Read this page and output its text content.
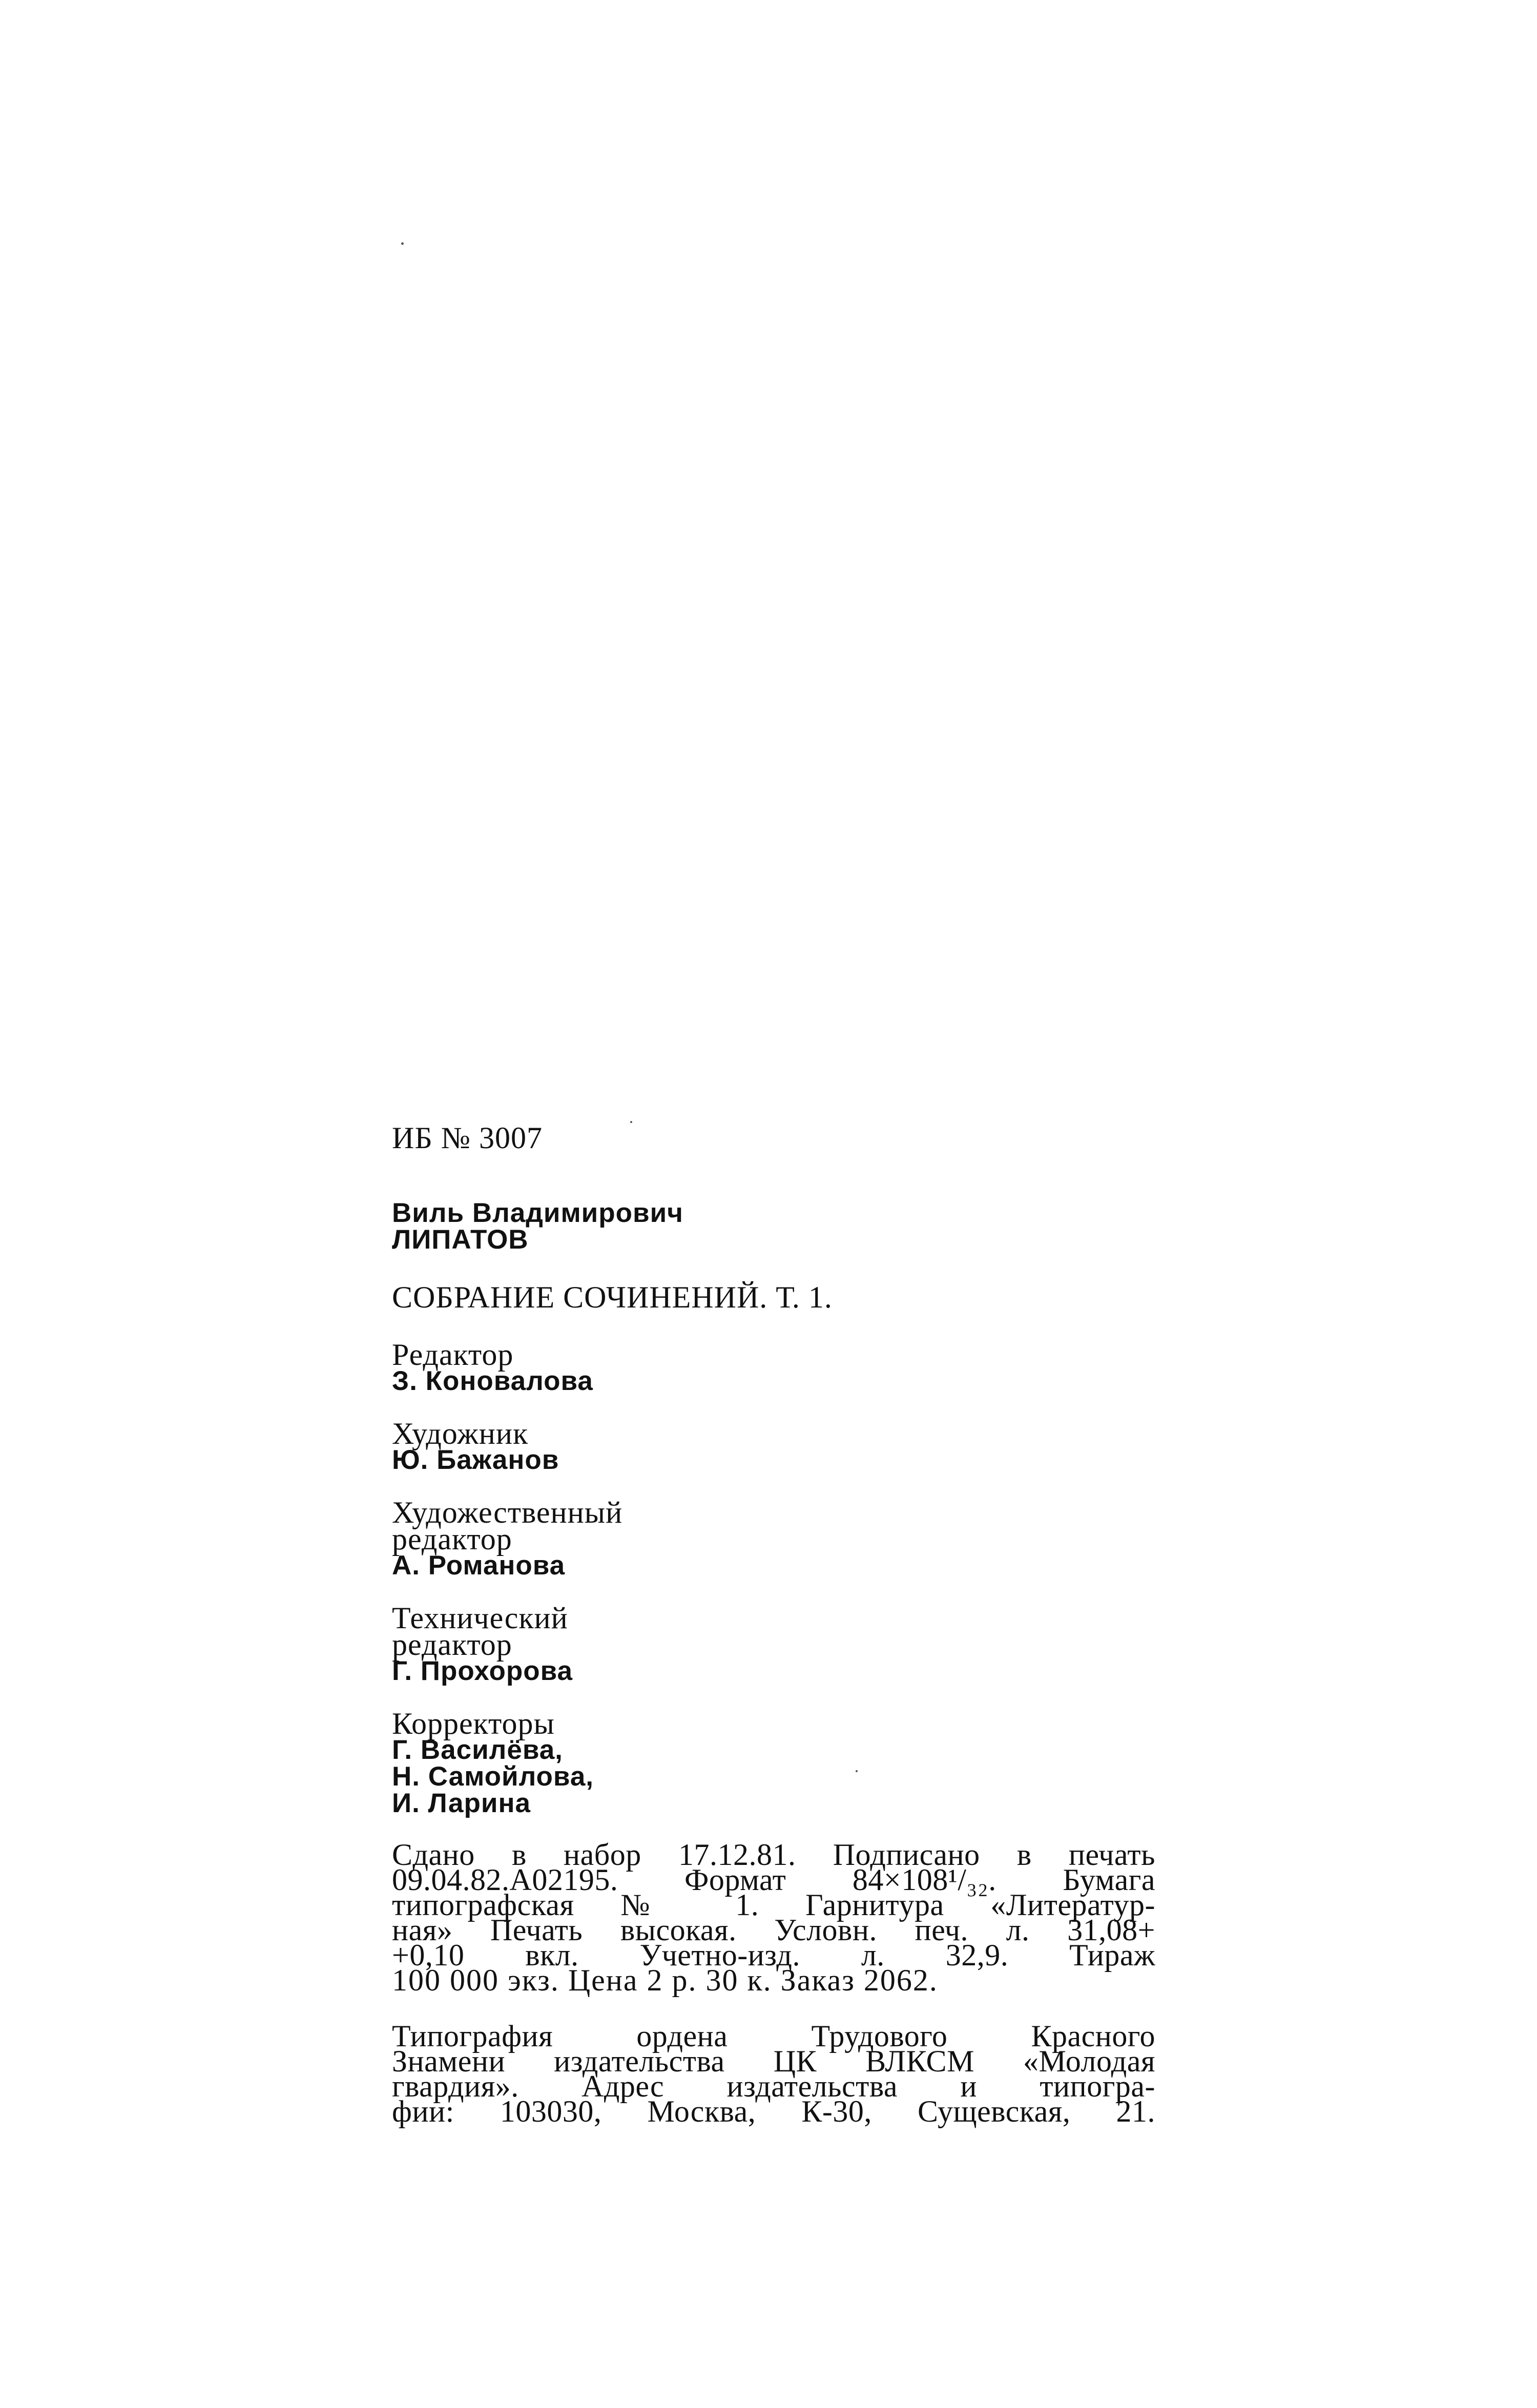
ИБ № 3007
Виль Владимирович
ЛИПАТОВ
СОБРАНИЕ СОЧИНЕНИЙ. Т. 1.
Редактор
З. Коновалова
Художник
Ю. Бажанов
Художественный
редактор
А. Романова
Технический
редактор
Г. Прохорова
Корректоры
Г. Василёва,
Н. Самойлова,
И. Ларина
Сдано в набор 17.12.81. Подписано в печать
09.04.82.А02195. Формат 84×108¹/₃₂. Бумага
типографская № 1. Гарнитура «Литератур-
ная» Печать высокая. Условн. печ. л. 31,08+
+0,10 вкл. Учетно-изд. л. 32,9. Тираж
100 000 экз. Цена 2 р. 30 к. Заказ 2062.
Типография ордена Трудового Красного
Знамени издательства ЦК ВЛКСМ «Молодая
гвардия». Адрес издательства и типогра-
фии: 103030, Москва, К-30, Сущевская, 21.
